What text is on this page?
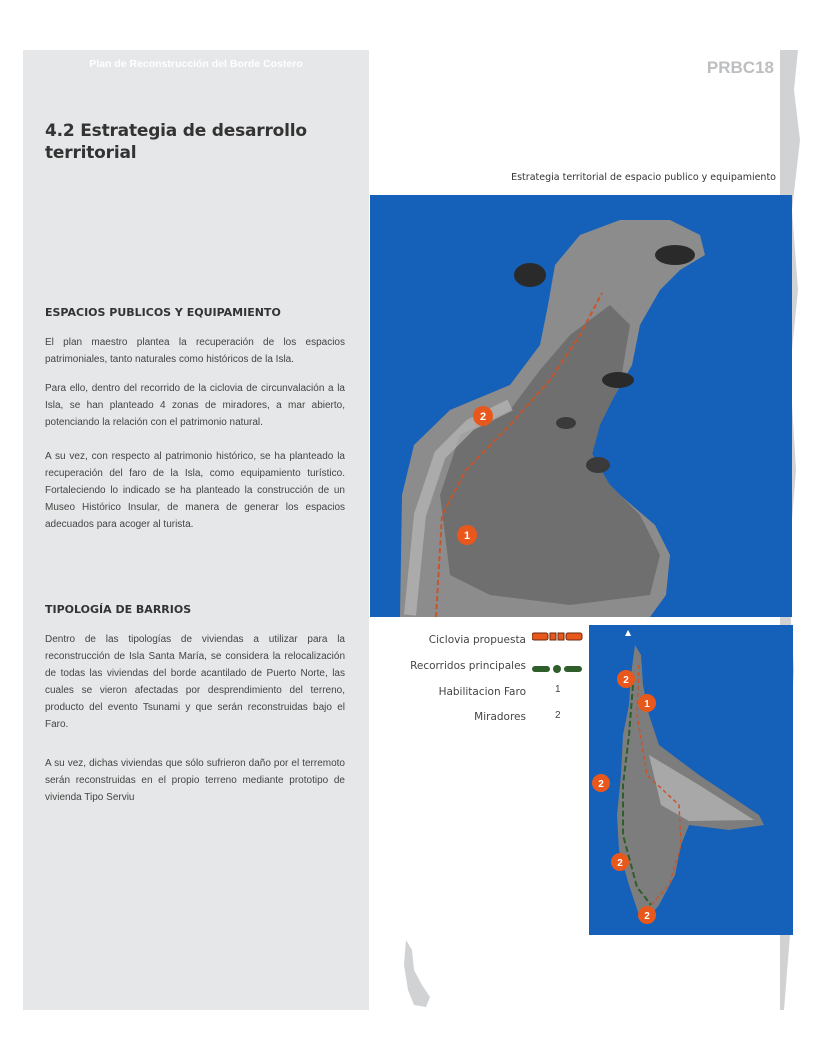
Plan de Reconstrucción del Borde Costero
4.2 Estrategia de desarrollo territorial
ESPACIOS PUBLICOS Y EQUIPAMIENTO

El plan maestro plantea la recuperación de los espacios patrimoniales, tanto naturales como históricos de la Isla.

Para ello, dentro del recorrido de la ciclovia de circunvalación a la Isla, se han planteado 4 zonas de miradores, a mar abierto, potenciando la relación con el patrimonio natural.

A su vez, con respecto al patrimonio histórico, se ha planteado la recuperación del faro de la Isla, como equipamiento turístico. Fortaleciendo lo indicado se ha planteado la construcción de un Museo Histórico Insular, de manera de generar los espacios adecuados para acoger al turista.

TIPOLOGÍA DE BARRIOS

Dentro de las tipologías de viviendas a utilizar para la reconstrucción de Isla Santa María, se considera la relocalización de todas las viviendas del borde acantilado de Puerto Norte, las cuales se vieron afectadas por desprendimiento del terreno, producto del evento Tsunami y que serán reconstruidas bajo el Faro.

A su vez, dichas viviendas que sólo sufrieron daño por el terremoto serán reconstruidas en el propio terreno mediante prototipo de vivienda Tipo Serviu

PRBC18
Estrategia territorial de espacio publico y equipamiento
2
1
Ciclovia propuesta
Recorridos principales
Habilitacion Faro	1
Miradores	2
▲
2
1
2
2
2
22
